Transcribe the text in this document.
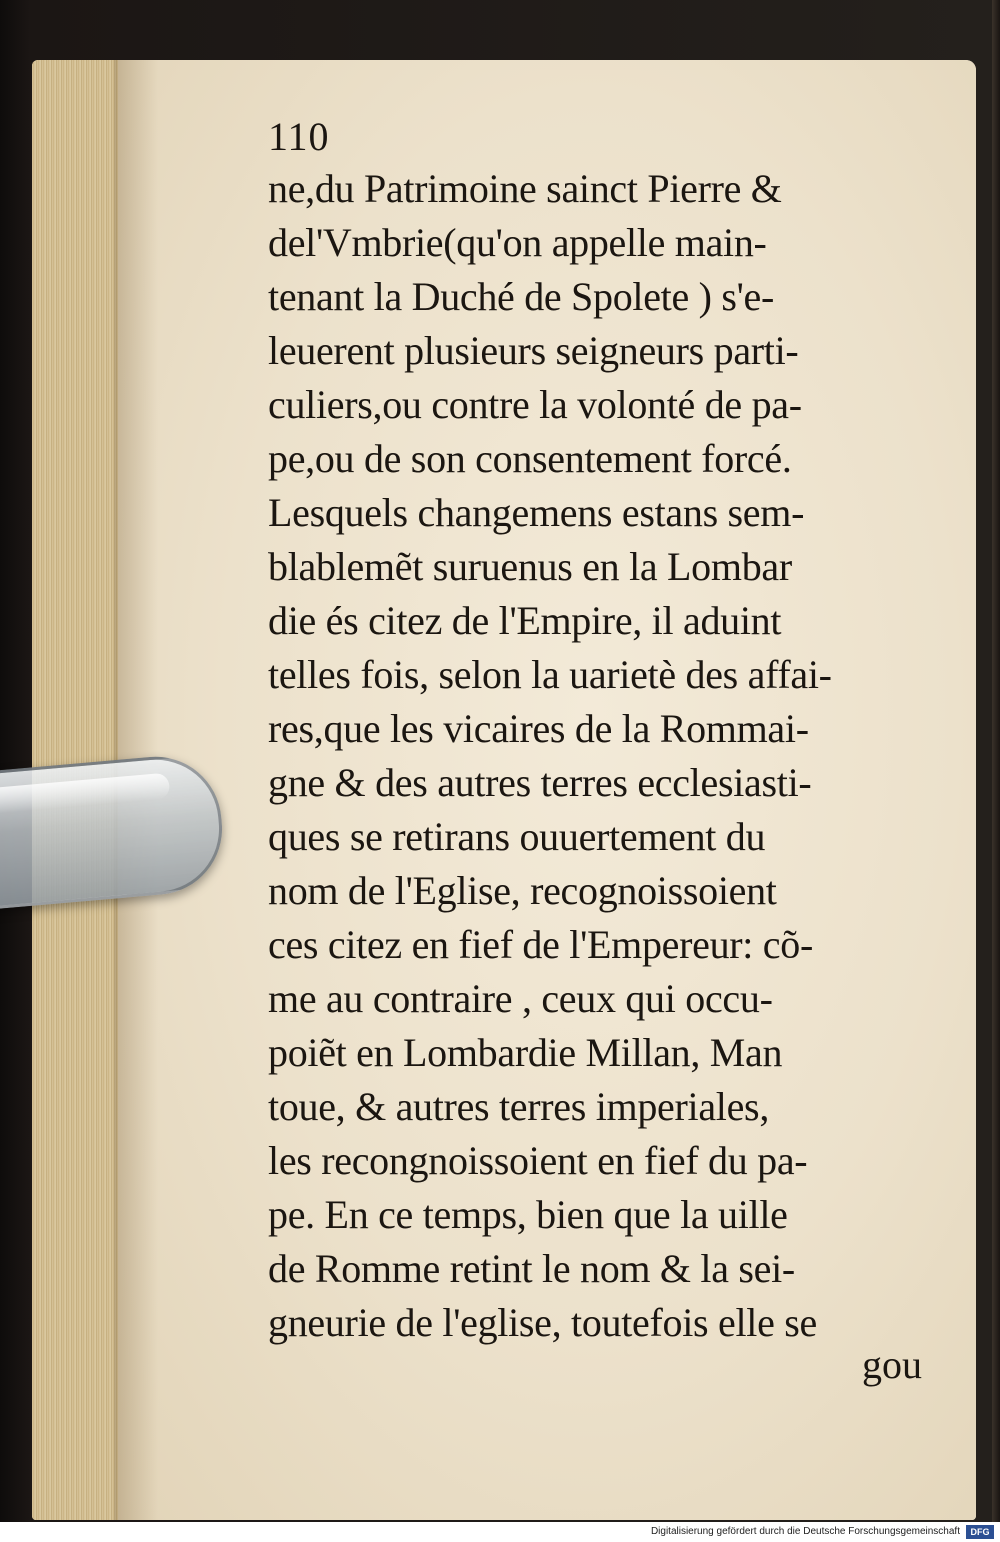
110
ne,du Patrimoine sainct Pierre &
del'Vmbrie(qu'on appelle main-
tenant la Duché de Spolete ) s'e-
leuerent plusieurs seigneurs parti-
culiers,ou contre la volonté de pa-
pe,ou de son consentement forcé.
Lesquels changemens estans sem-
blablemẽt suruenus en la Lombar
die és citez de l'Empire, il aduint
telles fois, selon la uarietè des affai-
res,que les vicaires de la Rommai-
gne & des autres terres ecclesiasti-
ques se retirans ouuertement du
nom de l'Eglise, recognoissoient
ces citez en fief de l'Empereur: cõ-
me au contraire , ceux qui occu-
poiẽt en Lombardie Millan, Man
toue, & autres terres imperiales,
les recongnoissoient en fief du pa-
pe. En ce temps, bien que la uille
de Romme retint le nom & la sei-
gneurie de l'eglise, toutefois elle se
gou
Digitalisierung gefördert durch die Deutsche Forschungsgemeinschaft	DFG
